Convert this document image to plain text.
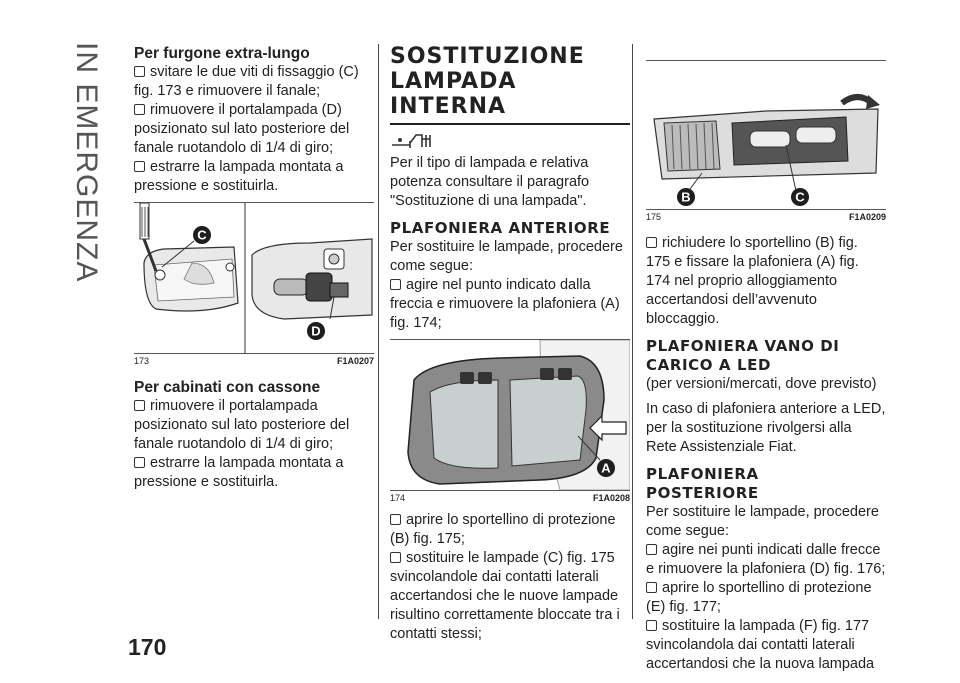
IN EMERGENZA Per furgone extra-lungo
svitare le due viti di fissaggio (C) fig. 173 e rimuovere il fanale;
rimuovere il portalampada (D) posizionato sul lato posteriore del fanale ruotandolo di 1/4 di giro;
estrarre la lampada montata a pressione e sostituirla.
C
D
173	F1A0207
Per cabinati con cassone
rimuovere il portalampada posizionato sul lato posteriore del fanale ruotandolo di 1/4 di giro;
estrarre la lampada montata a pressione e sostituirla.
SOSTITUZIONE
LAMPADA INTERNA

Per il tipo di lampada e relativa potenza consultare il paragrafo "Sostituzione di una lampada".

PLAFONIERA ANTERIORE

Per sostituire le lampade, procedere come segue:

agire nel punto indicato dalla freccia e rimuovere la plafoniera (A) fig. 174;
A
174	F1A0208
aprire lo sportellino di protezione (B) fig. 175;
sostituire le lampade (C) fig. 175 svincolandole dai contatti laterali accertandosi che le nuove lampade risultino correttamente bloccate tra i contatti stessi;
B	C
175	F1A0209
richiudere lo sportellino (B) fig. 175 e fissare la plafoniera (A) fig. 174 nel proprio alloggiamento accertandosi dell’avvenuto bloccaggio.
PLAFONIERA VANO DI
CARICO A LED

(per versioni/mercati, dove previsto)

In caso di plafoniera anteriore a LED, per la sostituzione rivolgersi alla Rete Assistenziale Fiat.

PLAFONIERA
POSTERIORE

Per sostituire le lampade, procedere come segue:

agire nei punti indicati dalle frecce e rimuovere la plafoniera (D) fig. 176;
aprire lo sportellino di protezione (E) fig. 177;
sostituire la lampada (F) fig. 177 svincolandola dai contatti laterali accertandosi che la nuova lampada
170
